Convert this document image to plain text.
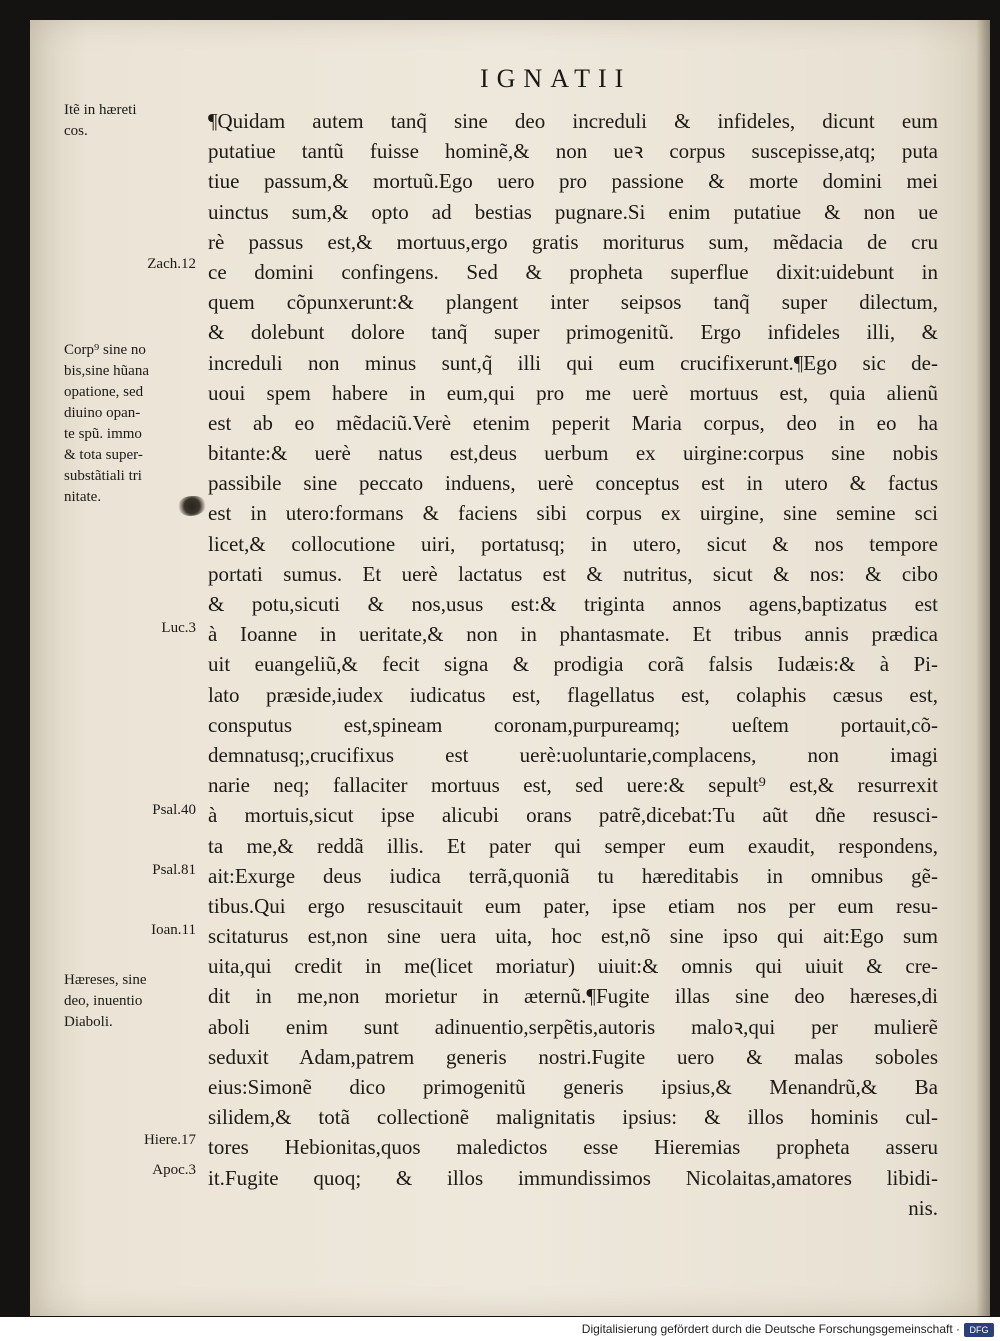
IGNATII
Itẽ in hæreti
cos.
Zach.12
Corp⁹ sine no
bis,sine hũana
opatione, sed
diuino opan-
te spũ. immo
& tota super-
substãtiali tri
nitate.
Luc.3
Psal.40
Psal.81
Ioan.11
Hæreses, sine
deo, inuentio
Diaboli.
Hiere.17
Apoc.3
¶Quidam autem tanq̃ sine deo increduli & infideles, dicunt eum
putatiue tantũ fuisse hominẽ,& non ueꝛ corpus suscepisse,atq; puta
tiue passum,& mortuũ.Ego uero pro passione & morte domini mei
uinctus sum,& opto ad bestias pugnare.Si enim putatiue & non ue
rè passus est,& mortuus,ergo gratis moriturus sum, mẽdacia de cru
ce domini confingens. Sed & propheta superflue dixit:uidebunt in
quem cõpunxerunt:& plangent inter seipsos tanq̃ super dilectum,
& dolebunt dolore tanq̃ super primogenitũ. Ergo infideles illi, &
increduli non minus sunt,q̃ illi qui eum crucifixerunt.¶Ego sic de-
uoui spem habere in eum,qui pro me uerè mortuus est, quia alienũ
est ab eo mẽdaciũ.Verè etenim peperit Maria corpus, deo in eo ha
bitante:& uerè natus est,deus uerbum ex uirgine:corpus sine nobis
passibile sine peccato induens, uerè conceptus est in utero & factus
est in utero:formans & faciens sibi corpus ex uirgine, sine semine sci
licet,& collocutione uiri, portatusq; in utero, sicut & nos tempore
portati sumus. Et uerè lactatus est & nutritus, sicut & nos: & cibo
& potu,sicuti & nos,usus est:& triginta annos agens,baptizatus est
à Ioanne in ueritate,& non in phantasmate. Et tribus annis prædica
uit euangeliũ,& fecit signa & prodigia corã falsis Iudæis:& à Pi-
lato præside,iudex iudicatus est, flagellatus est, colaphis cæsus est,
consputus est,spineam coronam,purpureamq; ueſtem portauit,cõ-
demnatusq;,crucifixus est uerè:uoluntarie,complacens, non imagi
narie neq; fallaciter mortuus est, sed uere:& sepult⁹ est,& resurrexit
à mortuis,sicut ipse alicubi orans patrẽ,dicebat:Tu aũt dñe resusci-
ta me,& reddã illis. Et pater qui semper eum exaudit, respondens,
ait:Exurge deus iudica terrã,quoniã tu hæreditabis in omnibus gẽ-
tibus.Qui ergo resuscitauit eum pater, ipse etiam nos per eum resu-
scitaturus est,non sine uera uita, hoc est,nõ sine ipso qui ait:Ego sum
uita,qui credit in me(licet moriatur) uiuit:& omnis qui uiuit & cre-
dit in me,non morietur in æternũ.¶Fugite illas sine deo hæreses,di
aboli enim sunt adinuentio,serpẽtis,autoris maloꝛ,qui per mulierẽ
seduxit Adam,patrem generis nostri.Fugite uero & malas soboles
eius:Simonẽ dico primogenitũ generis ipsius,& Menandrũ,& Ba
silidem,& totã collectionẽ malignitatis ipsius: & illos hominis cul-
tores Hebionitas,quos maledictos esse Hieremias propheta asseru
it.Fugite quoq; & illos immundissimos Nicolaitas,amatores libidi-
nis.
Digitalisierung gefördert durch die Deutsche Forschungsgemeinschaft ·	DFG
